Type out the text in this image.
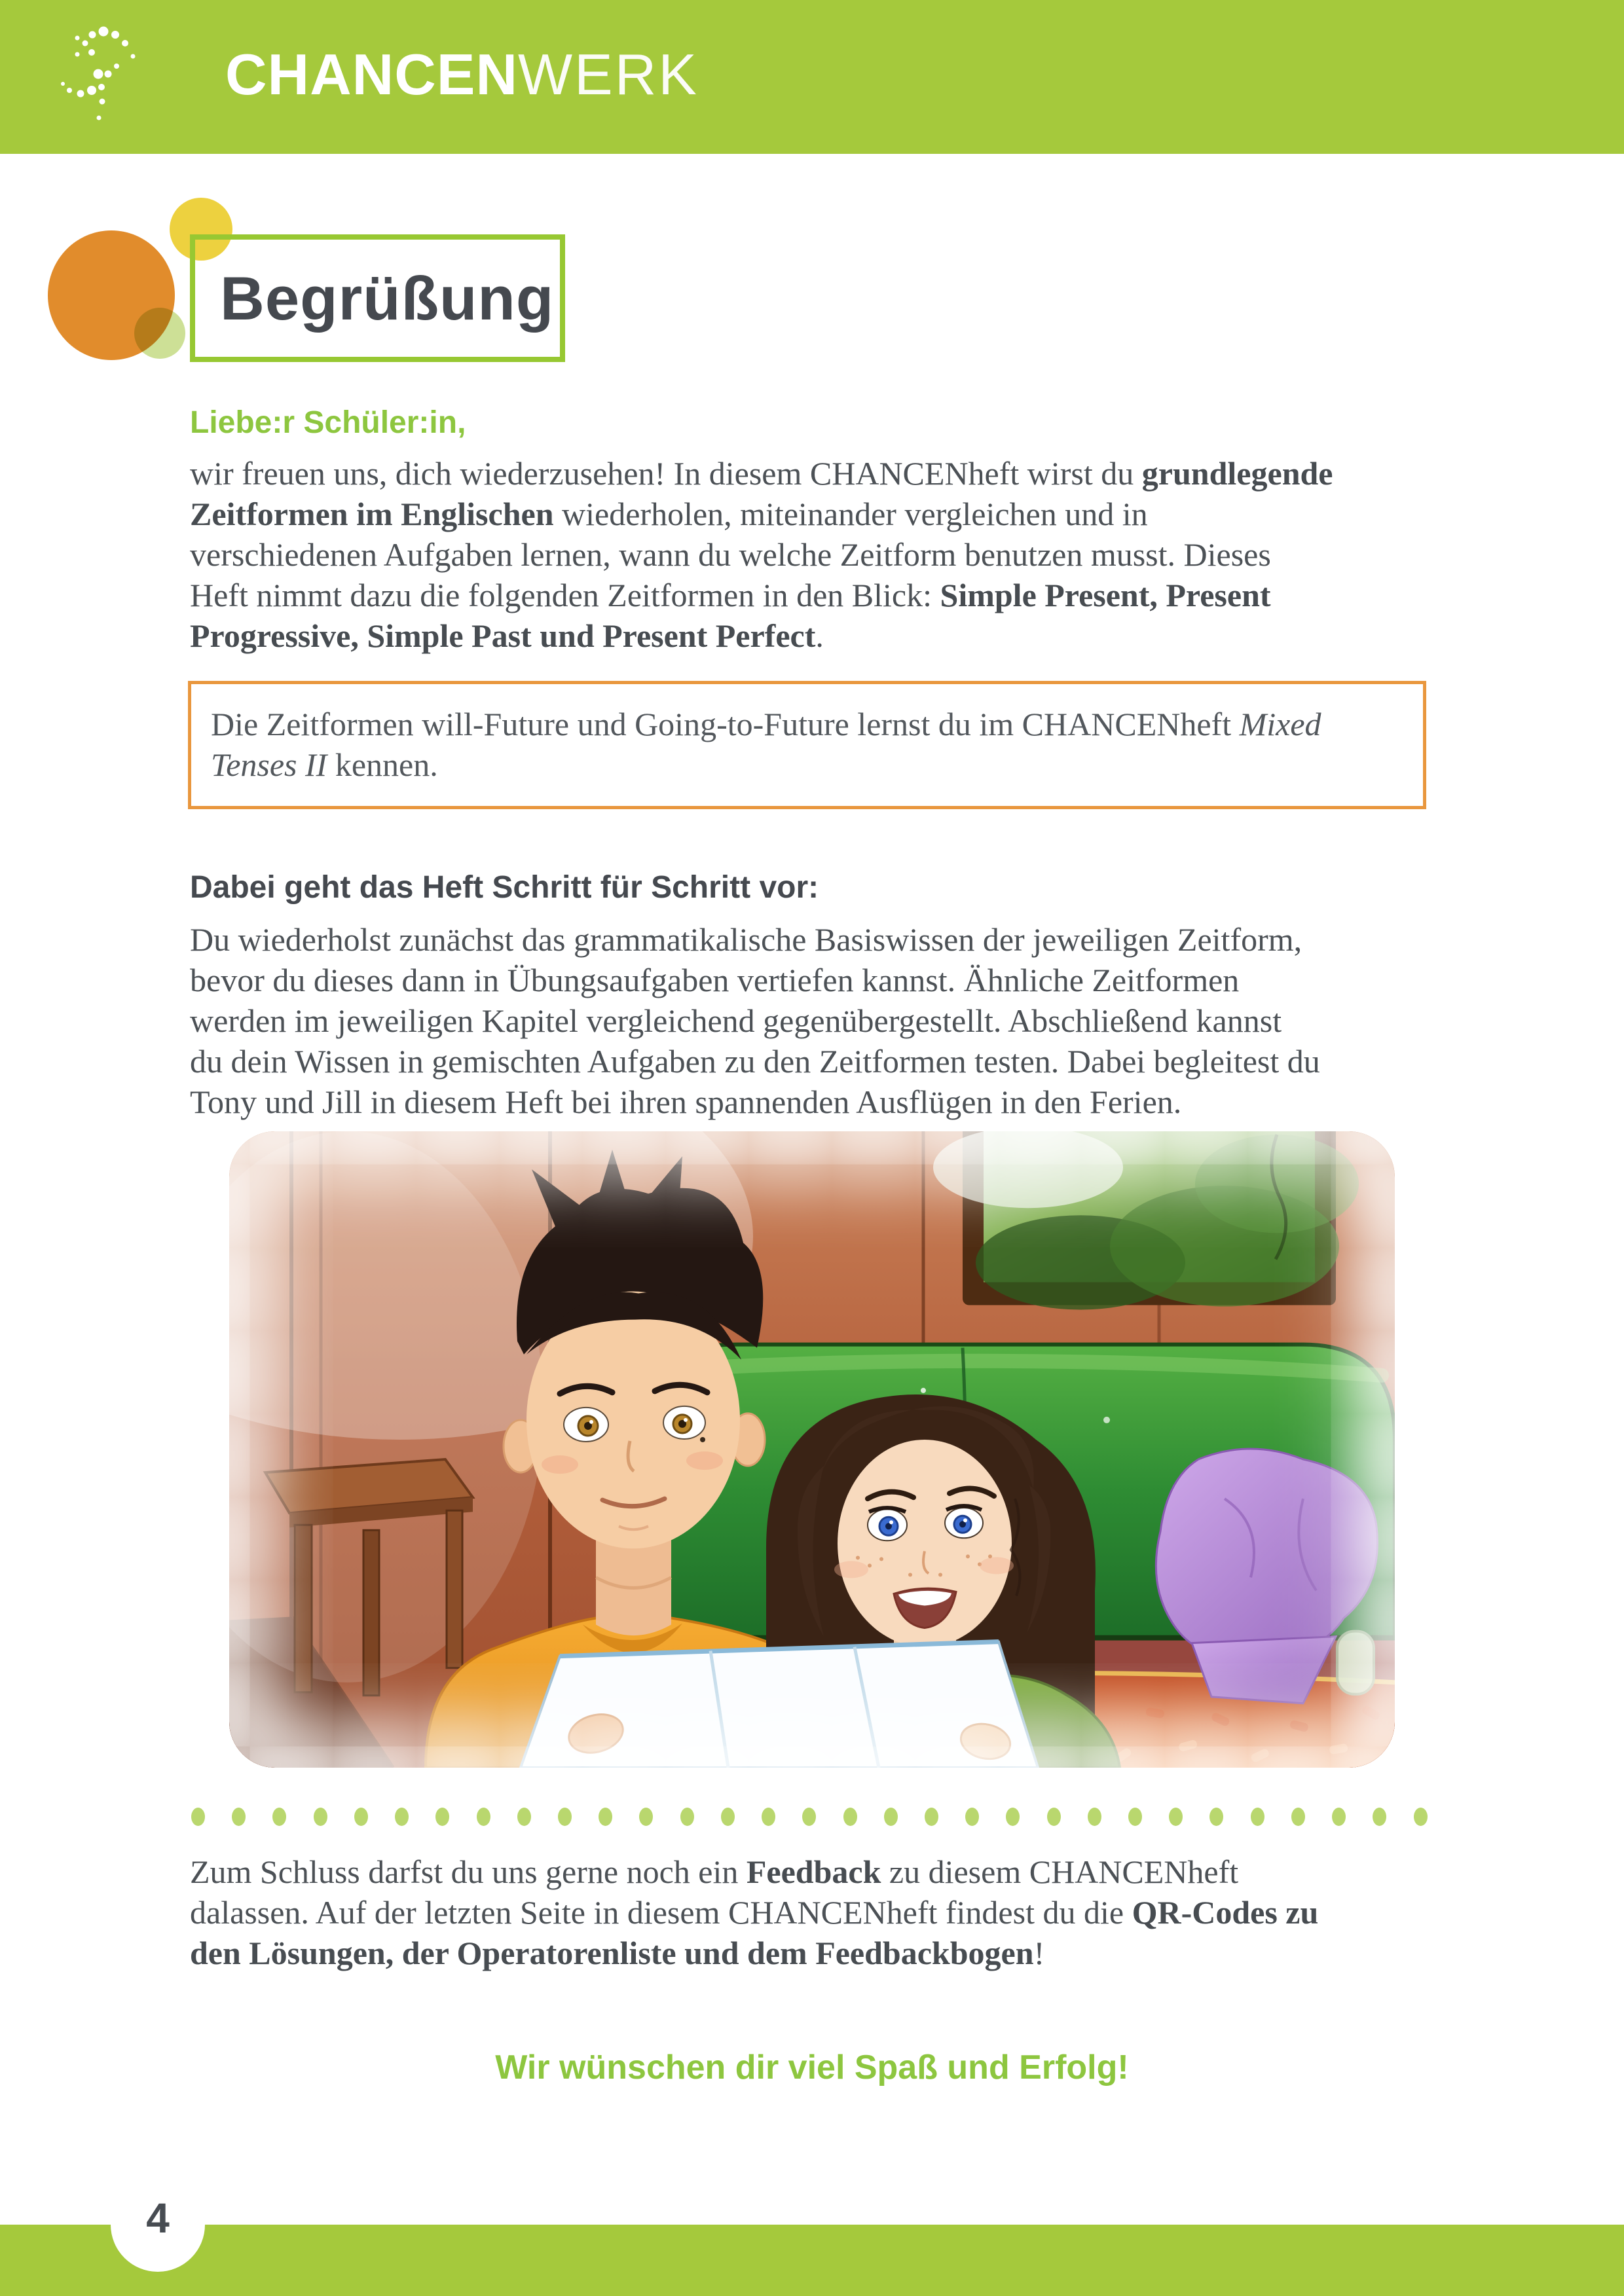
CHANCENWERK
Begrüßung
Liebe:r Schüler:in,
wir freuen uns, dich wiederzusehen! In diesem CHANCENheft wirst du grundlegende
Zeitformen im Englischen wiederholen, miteinander vergleichen und in
verschiedenen Aufgaben lernen, wann du welche Zeitform benutzen musst. Dieses
Heft nimmt dazu die folgenden Zeitformen in den Blick: Simple Present, Present
Progressive, Simple Past und Present Perfect.
Die Zeitformen will-Future und Going-to-Future lernst du im CHANCENheft Mixed
Tenses II kennen.
Dabei geht das Heft Schritt für Schritt vor:
Du wiederholst zunächst das grammatikalische Basiswissen der jeweiligen Zeitform,
bevor du dieses dann in Übungsaufgaben vertiefen kannst. Ähnliche Zeitformen
werden im jeweiligen Kapitel vergleichend gegenübergestellt. Abschließend kannst
du dein Wissen in gemischten Aufgaben zu den Zeitformen testen. Dabei begleitest du
Tony und Jill in diesem Heft bei ihren spannenden Ausflügen in den Ferien.
Zum Schluss darfst du uns gerne noch ein Feedback zu diesem CHANCENheft
dalassen. Auf der letzten Seite in diesem CHANCENheft findest du die QR-Codes zu
den Lösungen, der Operatorenliste und dem Feedbackbogen!
Wir wünschen dir viel Spaß und Erfolg!
4
